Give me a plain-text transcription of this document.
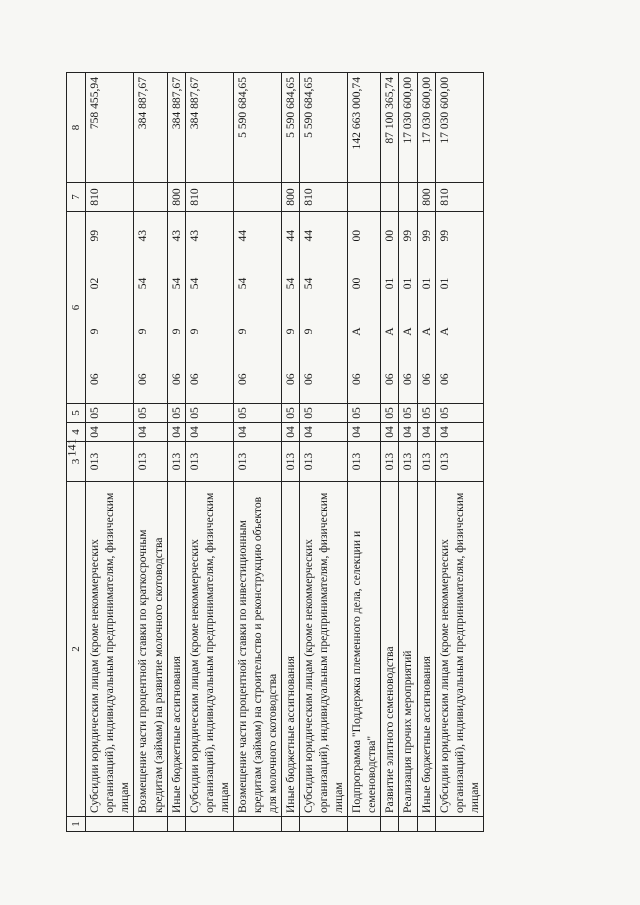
141
1	2	3	4	5	6				7	8
	Субсидии юридическим лицам (кроме некоммерческих организаций), индивидуальным предпринимателям, физическим лицам	013	04	05	06	9	02	99	810	758 455,94
	Возмещение части процентной ставки по краткосрочным кредитам (займам) на развитие молочного скотоводства	013	04	05	06	9	54	43		384 887,67
	Иные бюджетные ассигнования	013	04	05	06	9	54	43	800	384 887,67
	Субсидии юридическим лицам (кроме некоммерческих организаций), индивидуальным предпринимателям, физическим лицам	013	04	05	06	9	54	43	810	384 887,67
	Возмещение части процентной ставки по инвестиционным кредитам (займам) на строительство и реконструкцию объектов для молочного скотоводства	013	04	05	06	9	54	44		5 590 684,65
	Иные бюджетные ассигнования	013	04	05	06	9	54	44	800	5 590 684,65
	Субсидии юридическим лицам (кроме некоммерческих организаций), индивидуальным предпринимателям, физическим лицам	013	04	05	06	9	54	44	810	5 590 684,65
	Подпрограмма "Поддержка племенного дела, селекции и семеноводства"	013	04	05	06	А	00	00		142 663 000,74
	Развитие элитного семеноводства	013	04	05	06	А	01	00		87 100 365,74
	Реализация прочих мероприятий	013	04	05	06	А	01	99		17 030 600,00
	Иные бюджетные ассигнования	013	04	05	06	А	01	99	800	17 030 600,00
	Субсидии юридическим лицам (кроме некоммерческих организаций), индивидуальным предпринимателям, физическим лицам	013	04	05	06	А	01	99	810	17 030 600,00
